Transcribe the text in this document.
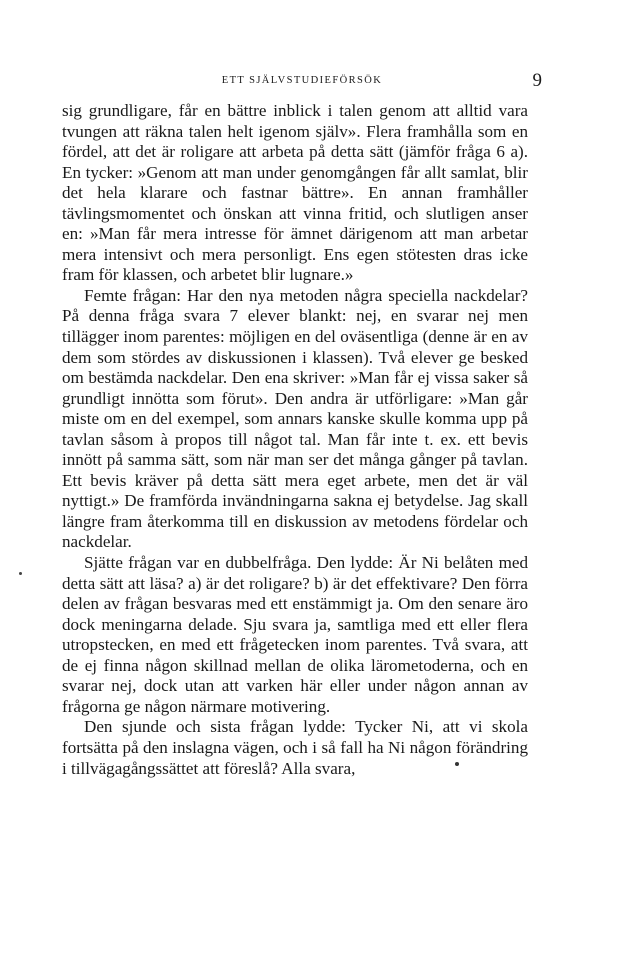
ETT SJÄLVSTUDIEFÖRSÖK	9

sig grundligare, får en bättre inblick i talen genom att alltid vara tvungen att räkna talen helt igenom själv». Flera framhålla som en fördel, att det är roligare att arbeta på detta sätt (jämför fråga 6 a). En tycker: »Genom att man under genomgången får allt samlat, blir det hela klarare och fastnar bättre». En annan framhåller tävlingsmomentet och önskan att vinna fritid, och slutligen anser en: »Man får mera intresse för ämnet därigenom att man arbetar mera intensivt och mera personligt. Ens egen stötesten dras icke fram för klassen, och arbetet blir lugnare.»

Femte frågan: Har den nya metoden några speciella nackdelar? På denna fråga svara 7 elever blankt: nej, en svarar nej men tillägger inom parentes: möjligen en del oväsentliga (denne är en av dem som stördes av diskussionen i klassen). Två elever ge besked om bestämda nackdelar. Den ena skriver: »Man får ej vissa saker så grundligt innötta som förut». Den andra är utförligare: »Man går miste om en del exempel, som annars kanske skulle komma upp på tavlan såsom à propos till något tal. Man får inte t. ex. ett bevis innött på samma sätt, som när man ser det många gånger på tavlan. Ett bevis kräver på detta sätt mera eget arbete, men det är väl nyttigt.» De framförda invändningarna sakna ej betydelse. Jag skall längre fram återkomma till en diskussion av metodens fördelar och nackdelar.

Sjätte frågan var en dubbelfråga. Den lydde: Är Ni belåten med detta sätt att läsa? a) är det roligare? b) är det effektivare? Den förra delen av frågan besvaras med ett enstämmigt ja. Om den senare äro dock meningarna delade. Sju svara ja, samtliga med ett eller flera utropstecken, en med ett frågetecken inom parentes. Två svara, att de ej finna någon skillnad mellan de olika lärometoderna, och en svarar nej, dock utan att varken här eller under någon annan av frågorna ge någon närmare motivering.

Den sjunde och sista frågan lydde: Tycker Ni, att vi skola fortsätta på den inslagna vägen, och i så fall ha Ni någon förändring i tillvägagångssättet att föreslå? Alla svara,
